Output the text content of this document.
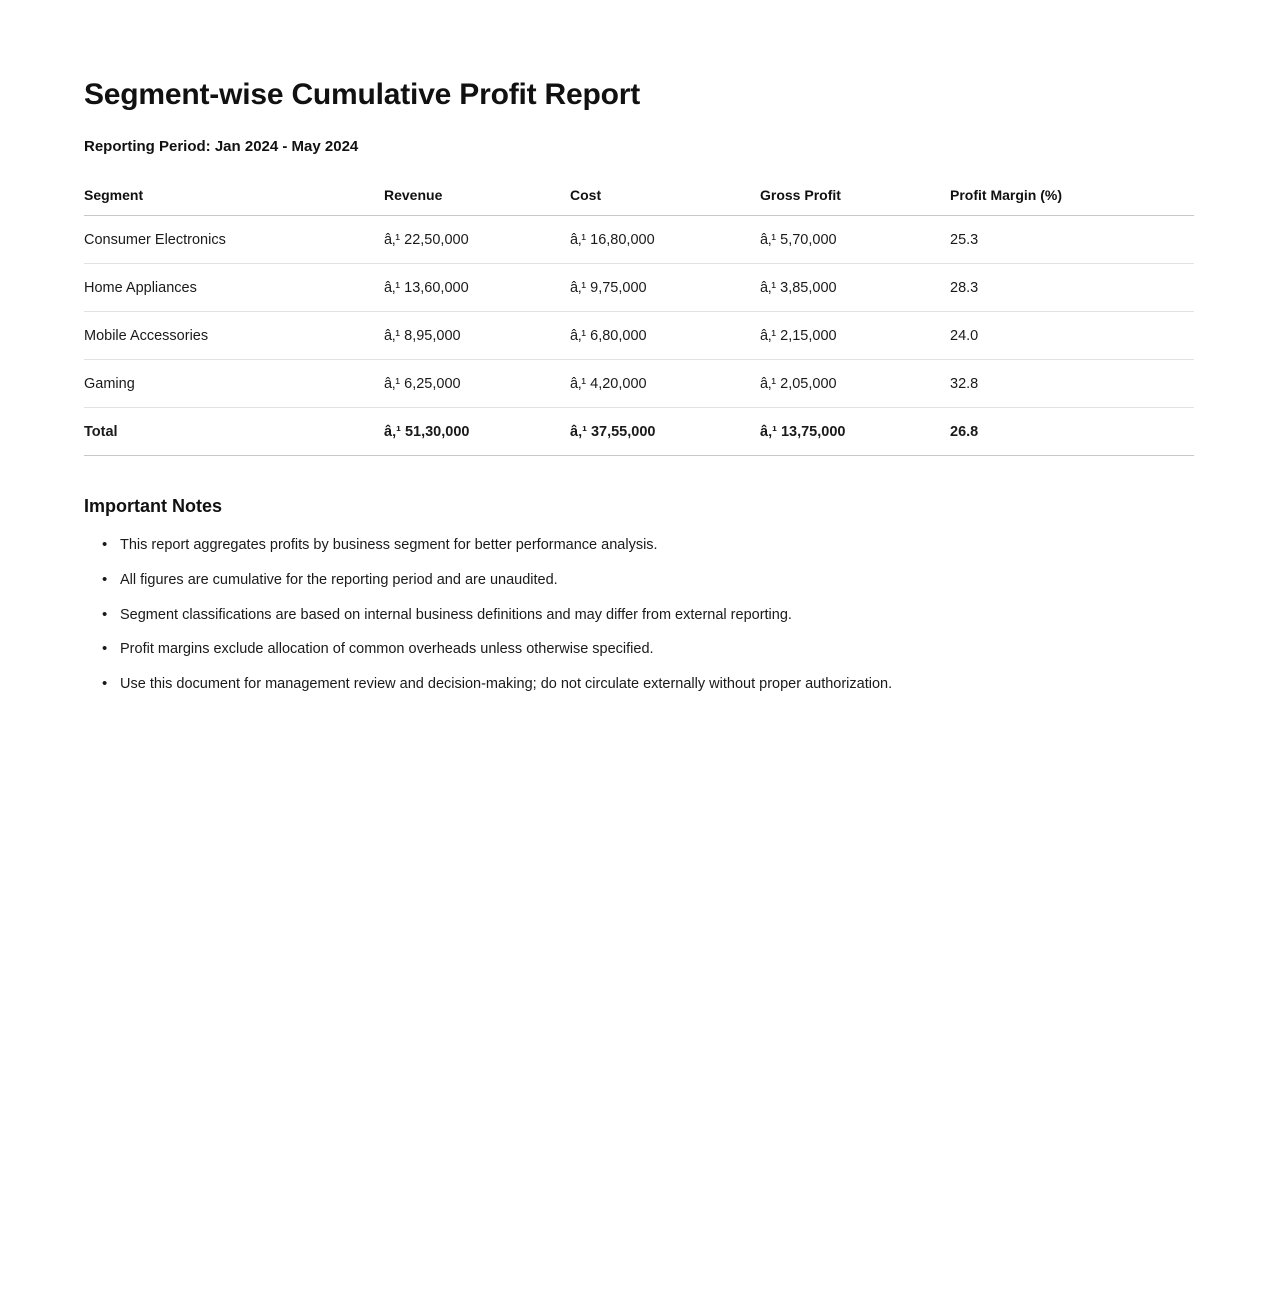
Segment-wise Cumulative Profit Report
Reporting Period: Jan 2024 - May 2024
Segment	Revenue	Cost	Gross Profit	Profit Margin (%)
Consumer Electronics	â‚¹ 22,50,000	â‚¹ 16,80,000	â‚¹ 5,70,000	25.3
Home Appliances	â‚¹ 13,60,000	â‚¹ 9,75,000	â‚¹ 3,85,000	28.3
Mobile Accessories	â‚¹ 8,95,000	â‚¹ 6,80,000	â‚¹ 2,15,000	24.0
Gaming	â‚¹ 6,25,000	â‚¹ 4,20,000	â‚¹ 2,05,000	32.8
Total	â‚¹ 51,30,000	â‚¹ 37,55,000	â‚¹ 13,75,000	26.8
Important Notes
• This report aggregates profits by business segment for better performance analysis.
• All figures are cumulative for the reporting period and are unaudited.
• Segment classifications are based on internal business definitions and may differ from external reporting.
• Profit margins exclude allocation of common overheads unless otherwise specified.
• Use this document for management review and decision-making; do not circulate externally without proper authorization.
